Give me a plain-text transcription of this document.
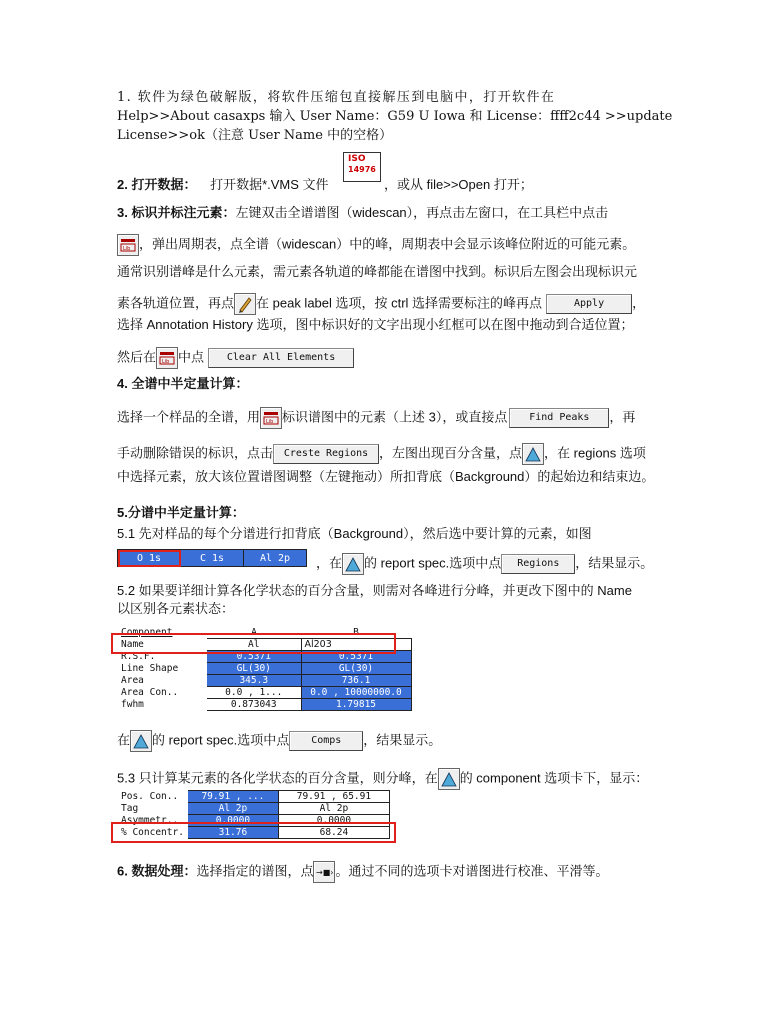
1. 软件为绿色破解版，将软件压缩包直接解压到电脑中，打开软件在
Help>>About casaxps 输入 User Name：G59 U Iowa 和 License：ffff2c44 >>update
License>>ok（注意 User Name 中的空格）
2. 打开数据： 打开数据*.VMS 文件
ISO
14976
，或从 file>>Open 打开；
3. 标识并标注元素：左键双击全谱谱图（widescan），再点击左窗口，在工具栏中点击
Lib ，弹出周期表，点全谱（widescan）中的峰，周期表中会显示该峰位附近的可能元素。
通常识别谱峰是什么元素，需元素各轨道的峰都能在谱图中找到。标识后左图会出现标识元
素各轨道位置，再点 在 peak label 选项，按 ctrl 选择需要标注的峰再点	Apply ，
选择 Annotation History 选项，图中标识好的文字出现小红框可以在图中拖动到合适位置；
然后在 Lib 中点 Clear All Elements
4. 全谱中半定量计算：
选择一个样品的全谱，用 Lib 标识谱图中的元素（上述 3），或直接点 Find Peaks ，再
手动删除错误的标识，点击 Creste Regions ，左图出现百分含量，点 ，在 regions 选项
中选择元素，放大该位置谱图调整（左键拖动）所扣背底（Background）的起始边和结束边。
5.分谱中半定量计算：
5.1 先对样品的每个分谱进行扣背底（Background），然后选中要计算的元素，如图
O 1s	C 1s	Al 2p ，在 的 report spec.选项中点 Regions ，结果显示。
5.2 如果要详细计算各化学状态的百分含量，则需对各峰进行分峰，并更改下图中的 Name
以区别各元素状态：
Component	A	B
Name	Al	Al203
R.S.F.	0.5371	0.5371
Line Shape	GL(30)	GL(30)
Area	345.3	736.1
Area Con..	0.0 , 1...	0.0 , 10000000.0
fwhm	0.873043	1.79815
在 的 report spec.选项中点 Comps ，结果显示。
5.3 只计算某元素的各化学状态的百分含量，则分峰，在 的 component 选项卡下，显示：
Pos. Con..	79.91 , ...	79.91 , 65.91
Tag	Al 2p	Al 2p
Asymmetr..	0.0000	0.0000
% Concentr.	31.76	68.24
6. 数据处理：选择指定的谱图，点 →■› 。通过不同的选项卡对谱图进行校准、平滑等。
